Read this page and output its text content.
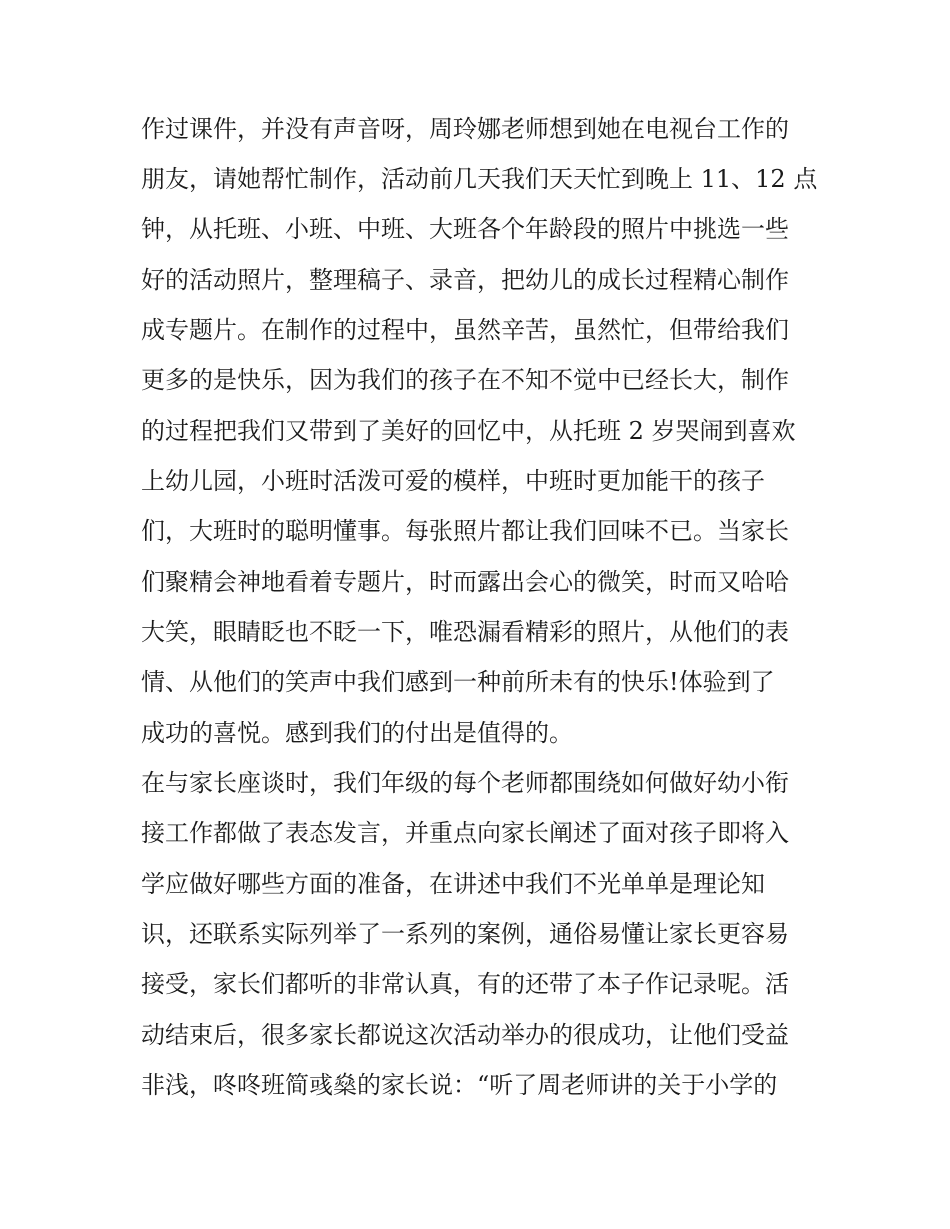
作过课件，并没有声音呀，周玲娜老师想到她在电视台工作的
朋友，请她帮忙制作，活动前几天我们天天忙到晚上 11、12 点
钟，从托班、小班、中班、大班各个年龄段的照片中挑选一些
好的活动照片，整理稿子、录音，把幼儿的成长过程精心制作
成专题片。在制作的过程中，虽然辛苦，虽然忙，但带给我们
更多的是快乐，因为我们的孩子在不知不觉中已经长大，制作
的过程把我们又带到了美好的回忆中，从托班 2 岁哭闹到喜欢
上幼儿园，小班时活泼可爱的模样，中班时更加能干的孩子
们，大班时的聪明懂事。每张照片都让我们回味不已。当家长
们聚精会神地看着专题片，时而露出会心的微笑，时而又哈哈
大笑，眼睛眨也不眨一下，唯恐漏看精彩的照片，从他们的表
情、从他们的笑声中我们感到一种前所未有的快乐!体验到了
成功的喜悦。感到我们的付出是值得的。
在与家长座谈时，我们年级的每个老师都围绕如何做好幼小衔
接工作都做了表态发言，并重点向家长阐述了面对孩子即将入
学应做好哪些方面的准备，在讲述中我们不光单单是理论知
识，还联系实际列举了一系列的案例，通俗易懂让家长更容易
接受，家长们都听的非常认真，有的还带了本子作记录呢。活
动结束后，很多家长都说这次活动举办的很成功，让他们受益
非浅，咚咚班简彧燊的家长说：“听了周老师讲的关于小学的
